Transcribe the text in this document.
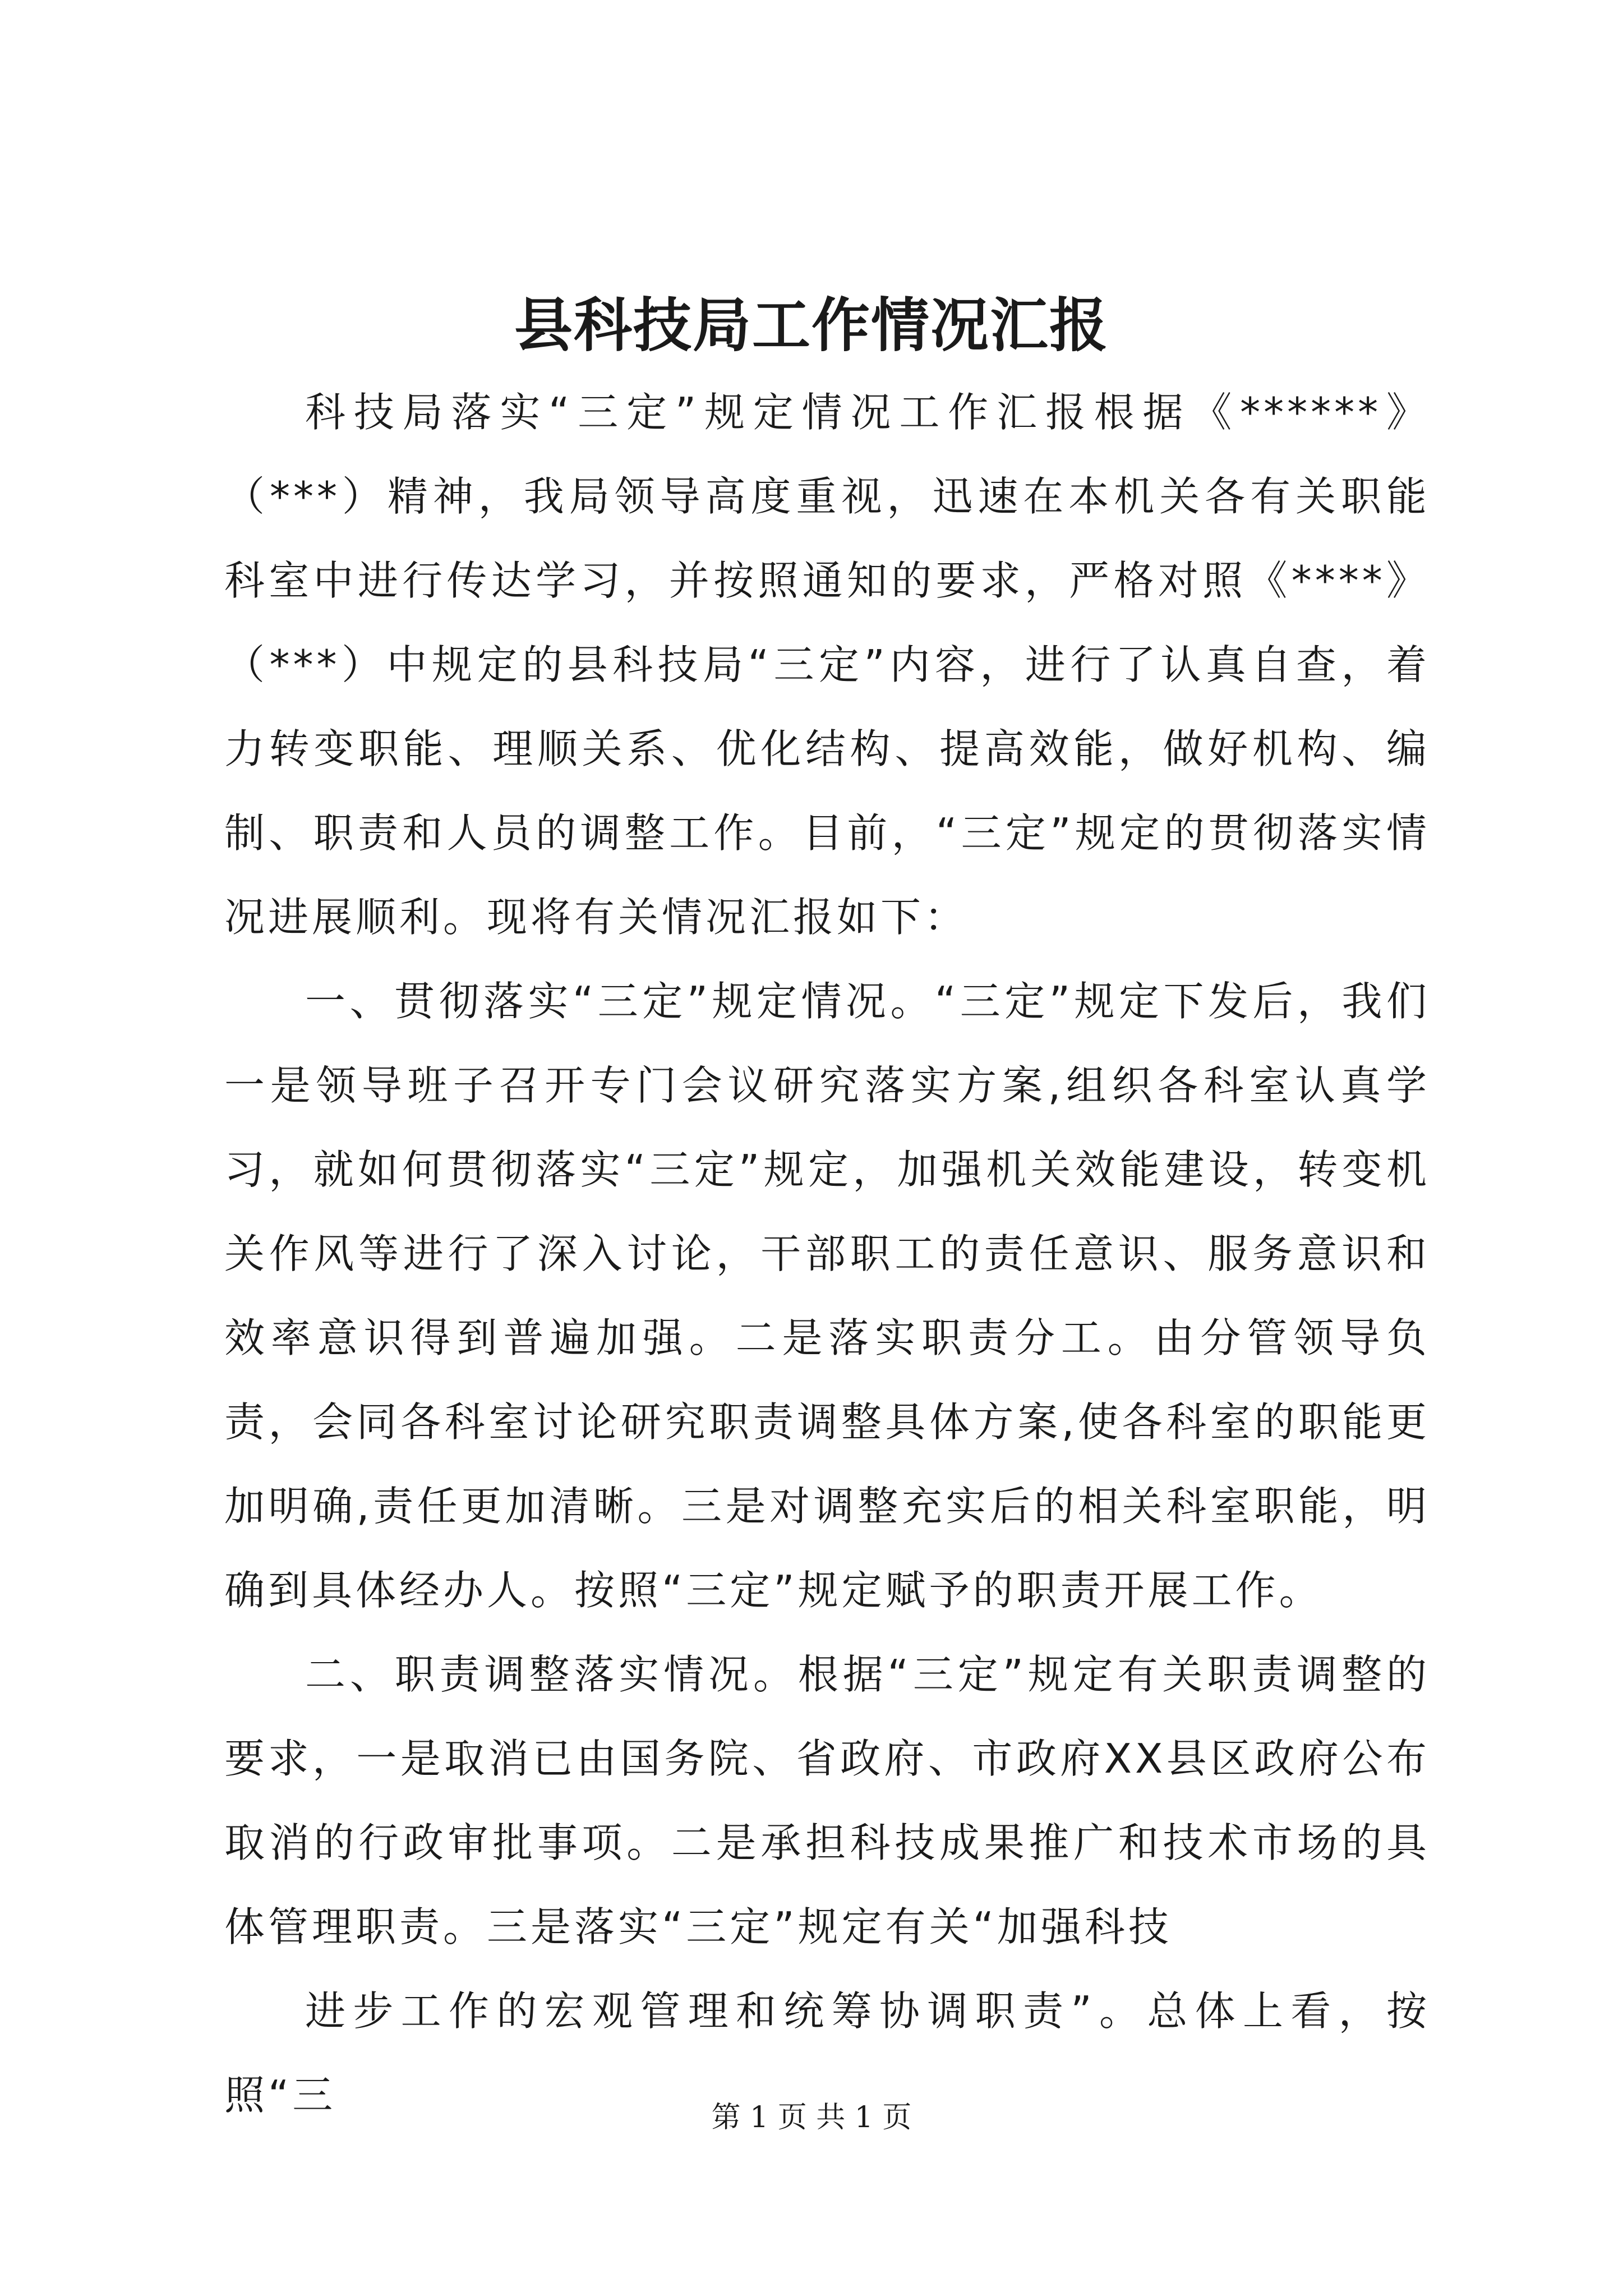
县科技局工作情况汇报

科技局落实“三定”规定情况工作汇报根据《******》（***）精神，我局领导高度重视，迅速在本机关各有关职能科室中进行传达学习，并按照通知的要求，严格对照《****》（***）中规定的县科技局“三定”内容，进行了认真自查，着力转变职能、理顺关系、优化结构、提高效能，做好机构、编制、职责和人员的调整工作。目前，“三定”规定的贯彻落实情况进展顺利。现将有关情况汇报如下：

一、贯彻落实“三定”规定情况。“三定”规定下发后，我们一是领导班子召开专门会议研究落实方案,组织各科室认真学习，就如何贯彻落实“三定”规定，加强机关效能建设，转变机关作风等进行了深入讨论，干部职工的责任意识、服务意识和效率意识得到普遍加强。二是落实职责分工。由分管领导负责，会同各科室讨论研究职责调整具体方案,使各科室的职能更加明确,责任更加清晰。三是对调整充实后的相关科室职能，明确到具体经办人。按照“三定”规定赋予的职责开展工作。

二、职责调整落实情况。根据“三定”规定有关职责调整的要求，一是取消已由国务院、省政府、市政府XX县区政府公布取消的行政审批事项。二是承担科技成果推广和技术市场的具体管理职责。三是落实“三定”规定有关“加强科技

进步工作的宏观管理和统筹协调职责”。总体上看，按照“三	第 1 页 共 1 页
